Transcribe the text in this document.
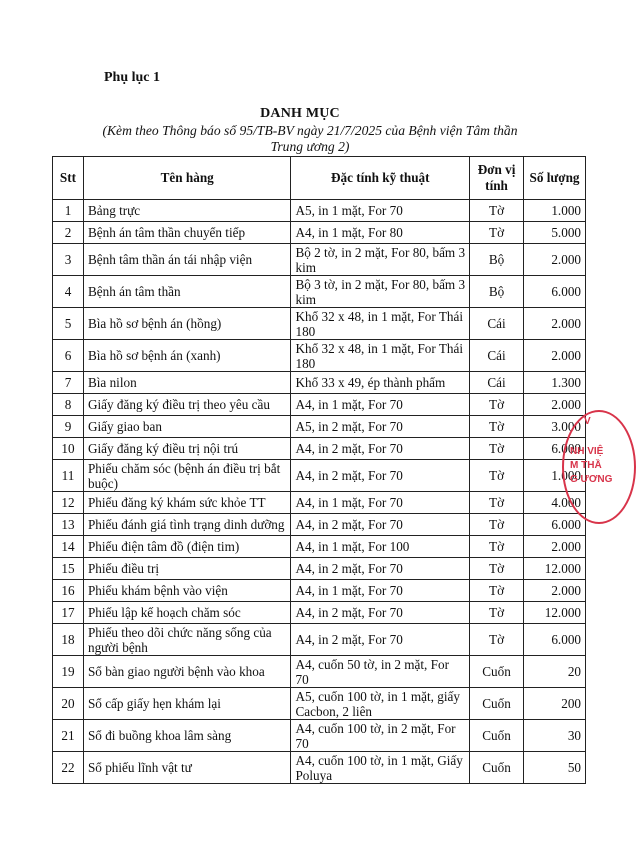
Phụ lục 1
DANH MỤC
(Kèm theo Thông báo số 95/TB-BV ngày 21/7/2025 của Bệnh viện Tâm thần Trung ương 2)
Stt	Tên hàng	Đặc tính kỹ thuật	Đơn vị tính	Số lượng
1	Bảng trực	A5, in 1 mặt, For 70	Tờ	1.000
2	Bệnh án tâm thần chuyển tiếp	A4, in 1 mặt, For 80	Tờ	5.000
3	Bệnh tâm thần án tái nhập viện	Bộ 2 tờ, in 2 mặt, For 80, bấm 3 kim	Bộ	2.000
4	Bệnh án tâm thần	Bộ 3 tờ, in 2 mặt, For 80, bấm 3 kim	Bộ	6.000
5	Bìa hồ sơ bệnh án (hồng)	Khổ 32 x 48, in 1 mặt, For Thái 180	Cái	2.000
6	Bìa hồ sơ bệnh án (xanh)	Khổ 32 x 48, in 1 mặt, For Thái 180	Cái	2.000
7	Bìa nilon	Khổ 33 x 49, ép thành phẩm	Cái	1.300
8	Giấy đăng ký điều trị theo yêu cầu	A4, in 1 mặt, For 70	Tờ	2.000
9	Giấy giao ban	A5, in 2 mặt, For 70	Tờ	3.000
10	Giấy đăng ký điều trị nội trú	A4, in 2 mặt, For 70	Tờ	6.000
11	Phiếu chăm sóc (bệnh án điều trị bắt buộc)	A4, in 2 mặt, For 70	Tờ	1.000
12	Phiếu đăng ký khám sức khỏe TT	A4, in 1 mặt, For 70	Tờ	4.000
13	Phiếu đánh giá tình trạng dinh dưỡng	A4, in 2 mặt, For 70	Tờ	6.000
14	Phiếu điện tâm đồ (điện tim)	A4, in 1 mặt, For 100	Tờ	2.000
15	Phiếu điều trị	A4, in 2 mặt, For 70	Tờ	12.000
16	Phiếu khám bệnh vào viện	A4, in 1 mặt, For 70	Tờ	2.000
17	Phiếu lập kế hoạch chăm sóc	A4, in 2 mặt, For 70	Tờ	12.000
18	Phiếu theo dõi chức năng sống của người bệnh	A4, in 2 mặt, For 70	Tờ	6.000
19	Sổ bàn giao người bệnh vào khoa	A4, cuốn 50 tờ, in 2 mặt, For 70	Cuốn	20
20	Sổ cấp giấy hẹn khám lại	A5, cuốn 100 tờ, in 1 mặt, giấy Cacbon, 2 liên	Cuốn	200
21	Sổ đi buồng khoa lâm sàng	A4, cuốn 100 tờ, in 2 mặt, For 70	Cuốn	30
22	Sổ phiếu lĩnh vật tư	A4, cuốn 100 tờ, in 1 mặt, Giấy Poluya	Cuốn	50
V
NH VIỆ
M THẦ
G ƯƠNG
